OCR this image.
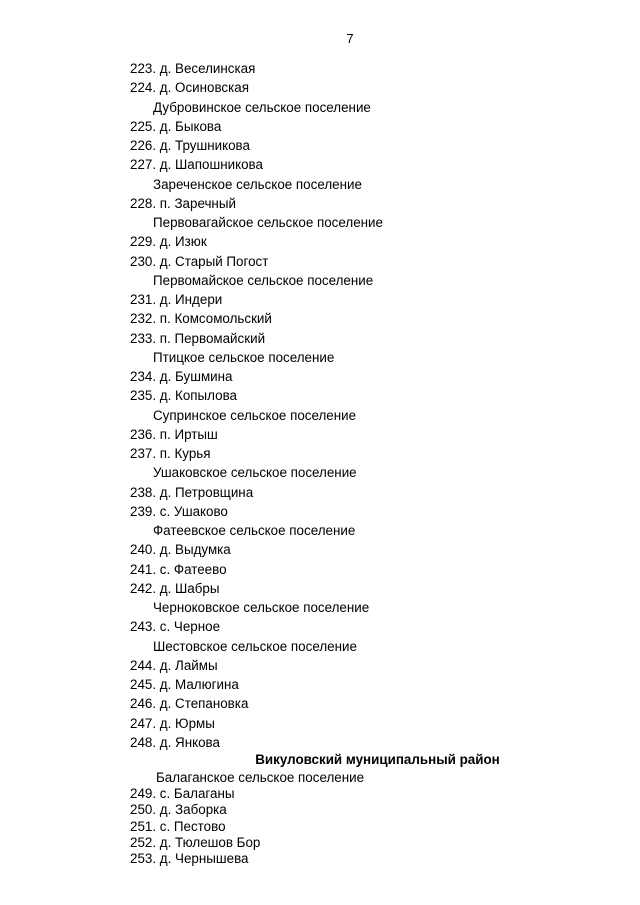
7
223. д. Веселинская
224. д. Осиновская
Дубровинское сельское поселение
225. д. Быкова
226. д. Трушникова
227. д. Шапошникова
Зареченское сельское поселение
228. п. Заречный
Первовагайское сельское поселение
229. д. Изюк
230. д. Старый Погост
Первомайское сельское поселение
231. д. Индери
232. п. Комсомольский
233. п. Первомайский
Птицкое сельское поселение
234. д. Бушмина
235. д. Копылова
Супринское сельское поселение
236. п. Иртыш
237. п. Курья
Ушаковское сельское поселение
238. д. Петровщина
239. с. Ушаково
Фатеевское сельское поселение
240. д. Выдумка
241. с. Фатеево
242. д. Шабры
Черноковское сельское поселение
243. с. Черное
Шестовское сельское поселение
244. д. Лаймы
245. д. Малюгина
246. д. Степановка
247. д. Юрмы
248. д. Янкова
Викуловский муниципальный район
Балаганское сельское поселение
249. с. Балаганы
250. д. Заборка
251. с. Пестово
252. д. Тюлешов Бор
253. д. Чернышева
